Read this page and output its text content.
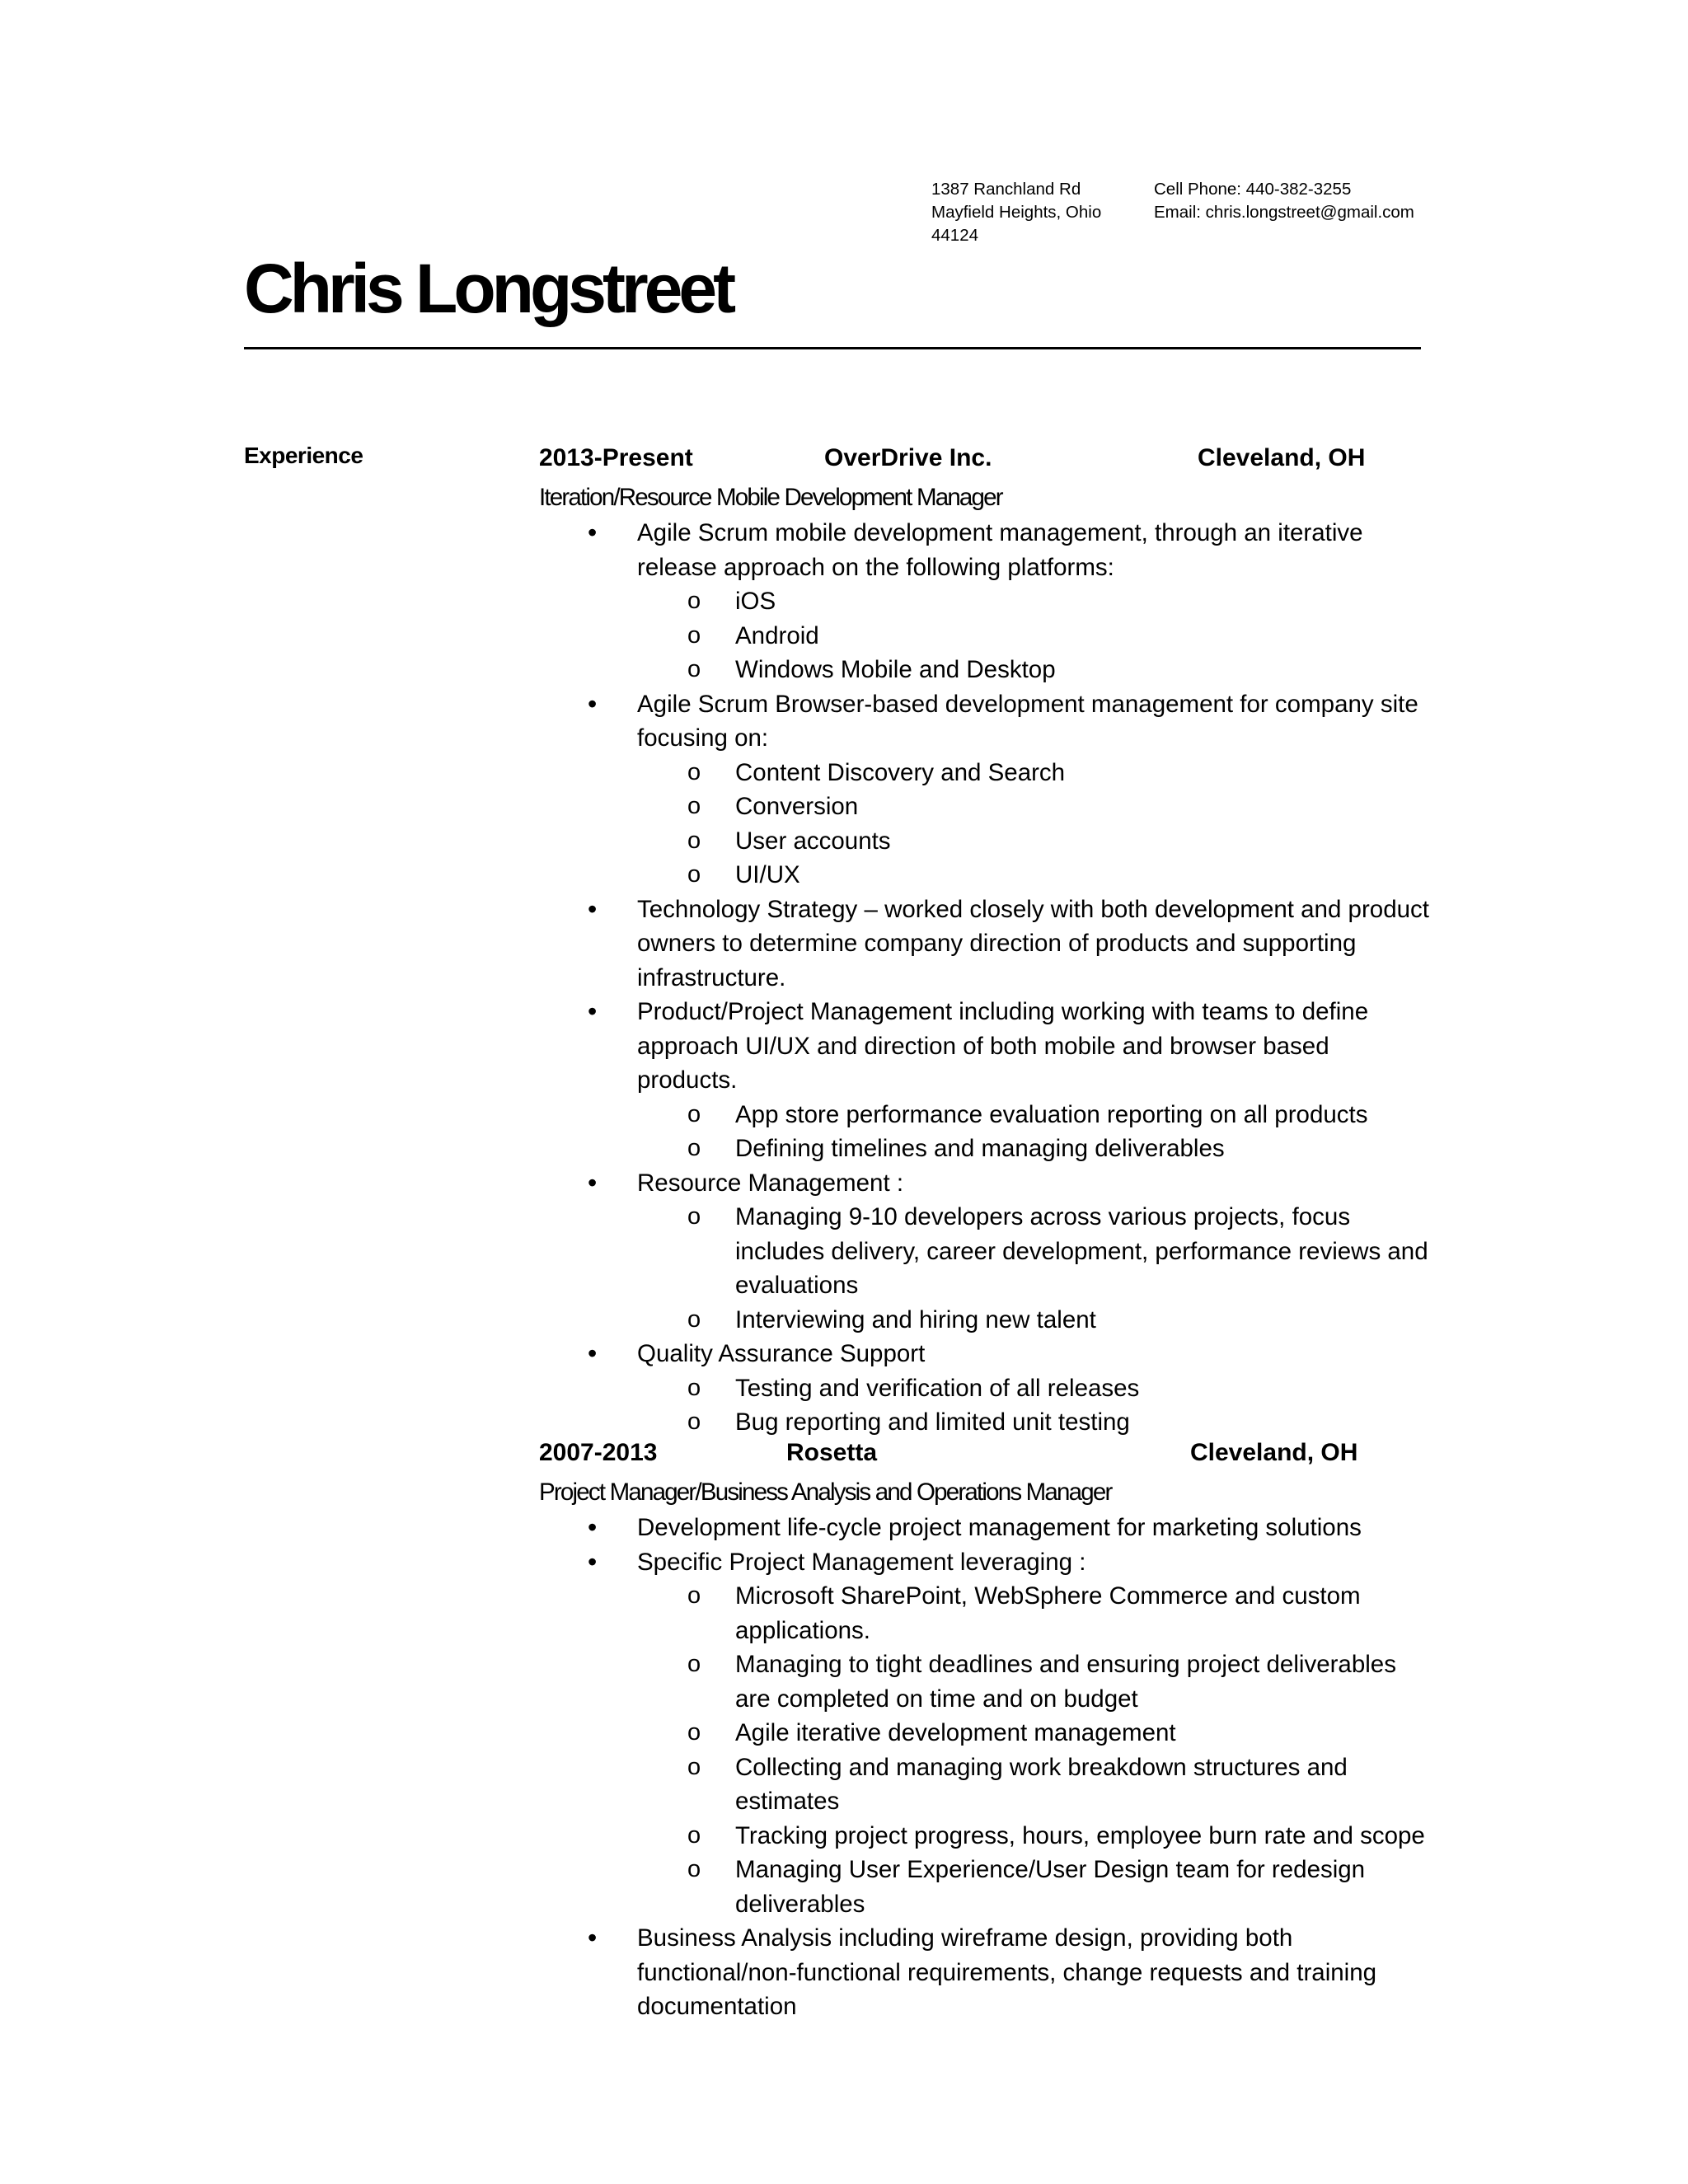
1387 Ranchland Rd
Mayfield Heights, Ohio
44124
Cell Phone: 440-382-3255
Email: chris.longstreet@gmail.com
Chris Longstreet
Experience	2013-Present	OverDrive Inc.	Cleveland, OH
Iteration/Resource Mobile Development Manager
• Agile Scrum mobile development management, through an iterative release approach on the following platforms:
o iOS
o Android
o Windows Mobile and Desktop
• Agile Scrum Browser-based development management for company site focusing on:
o Content Discovery and Search
o Conversion
o User accounts
o UI/UX
• Technology Strategy – worked closely with both development and product owners to determine company direction of products and supporting infrastructure.
• Product/Project Management including working with teams to define approach UI/UX and direction of both mobile and browser based products.
o App store performance evaluation reporting on all products
o Defining timelines and managing deliverables
• Resource Management :
o Managing 9-10 developers across various projects, focus includes delivery, career development, performance reviews and evaluations
o Interviewing and hiring new talent
• Quality Assurance Support
o Testing and verification of all releases
o Bug reporting and limited unit testing
2007-2013	Rosetta	Cleveland, OH
Project Manager/Business Analysis and Operations Manager
• Development life-cycle project management for marketing solutions
• Specific Project Management leveraging :
o Microsoft SharePoint, WebSphere Commerce and custom applications.
o Managing to tight deadlines and ensuring project deliverables are completed on time and on budget
o Agile iterative development management
o Collecting and managing work breakdown structures and estimates
o Tracking project progress, hours, employee burn rate and scope
o Managing User Experience/User Design team for redesign deliverables
• Business Analysis including wireframe design, providing both functional/non-functional requirements, change requests and training documentation
